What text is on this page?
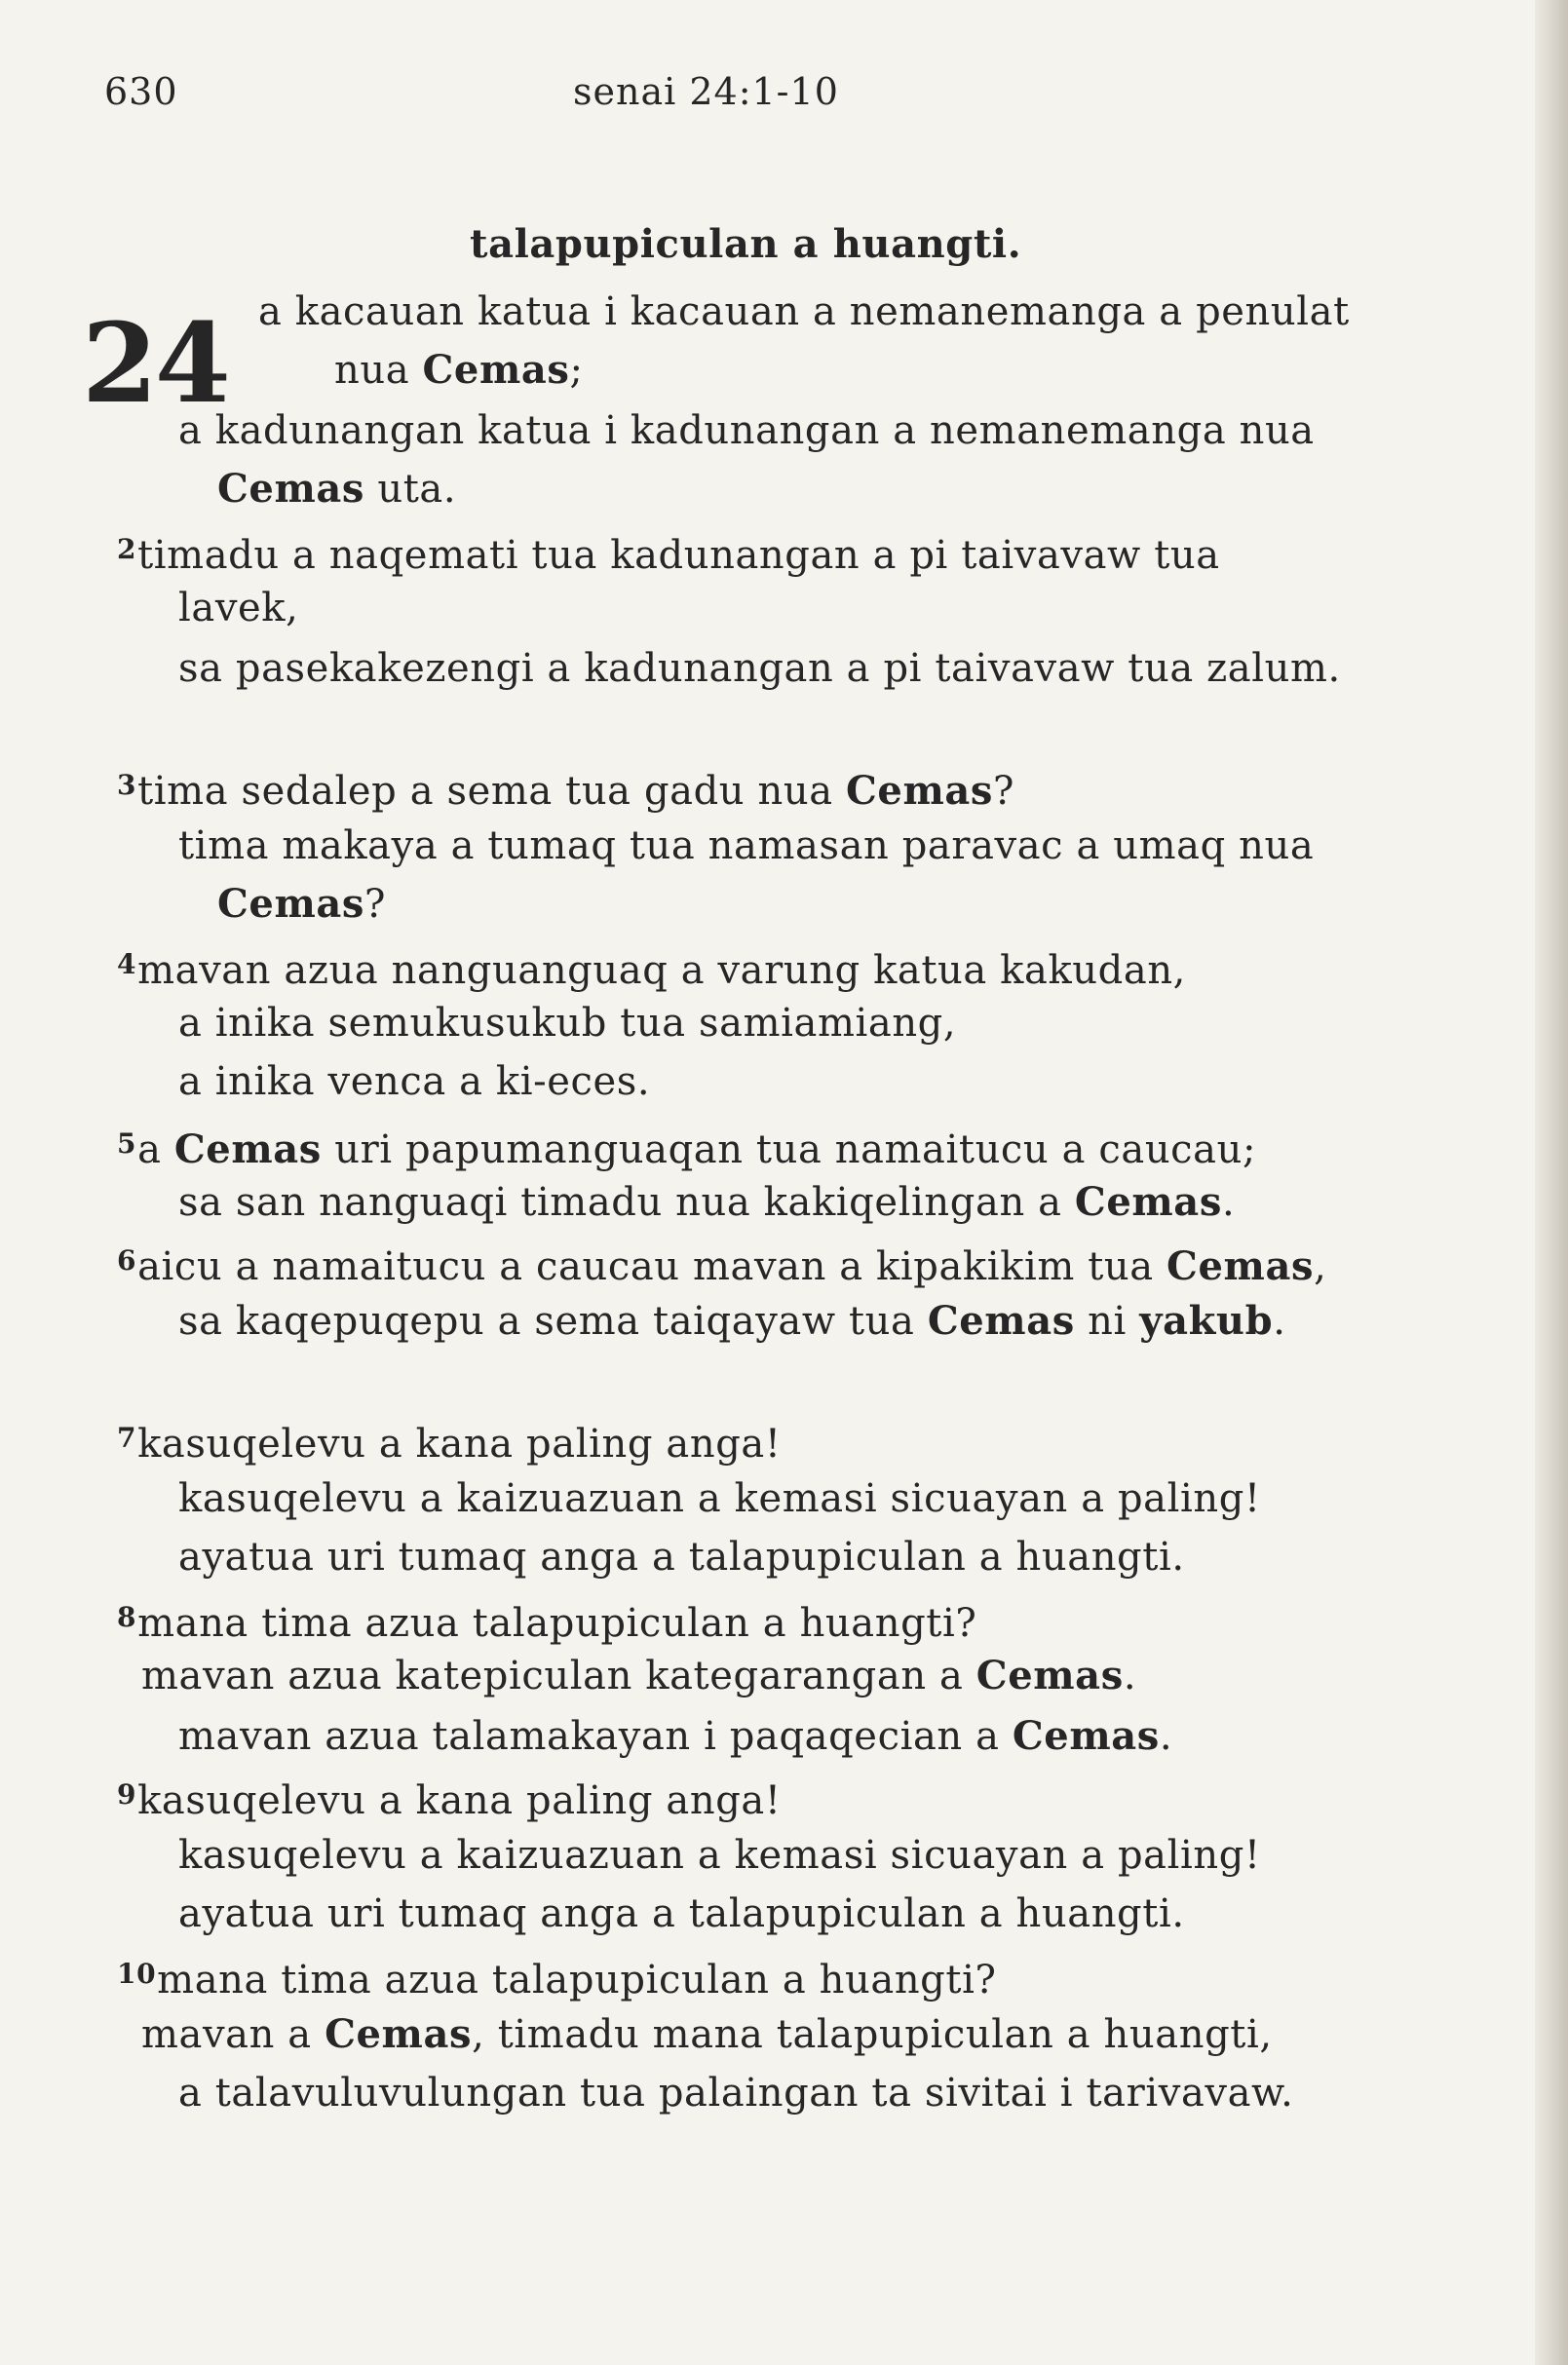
630	senai 24:1-10
24
talapupiculan a huangti.
a kacauan katua i kacauan a nemanemanga a penulat
nua Cemas;
a kadunangan katua i kadunangan a nemanemanga nua
Cemas uta.
$^2$timadu a naqemati tua kadunangan a pi taivavaw tua
lavek,
sa pasekakezengi a kadunangan a pi taivavaw tua zalum.
$^3$tima sedalep a sema tua gadu nua Cemas?
tima makaya a tumaq tua namasan paravac a umaq nua
Cemas?
$^4$mavan azua nanguanguaq a varung katua kakudan,
a inika semukusukub tua samiamiang,
a inika venca a ki-eces.
$^5$a Cemas uri papumanguaqan tua namaitucu a caucau;
sa san nanguaqi timadu nua kakiqelingan a Cemas.
$^6$aicu a namaitucu a caucau mavan a kipakikim tua Cemas,
sa kaqepuqepu a sema taiqayaw tua Cemas ni yakub.
$^7$kasuqelevu a kana paling anga!
kasuqelevu a kaizuazuan a kemasi sicuayan a paling!
ayatua uri tumaq anga a talapupiculan a huangti.
$^8$mana tima azua talapupiculan a huangti?
mavan azua katepiculan kategarangan a Cemas.
mavan azua talamakayan i paqaqecian a Cemas.
$^9$kasuqelevu a kana paling anga!
kasuqelevu a kaizuazuan a kemasi sicuayan a paling!
ayatua uri tumaq anga a talapupiculan a huangti.
$^{10}$mana tima azua talapupiculan a huangti?
mavan a Cemas, timadu mana talapupiculan a huangti,
a talavuluvulungan tua palaingan ta sivitai i tarivavaw.
